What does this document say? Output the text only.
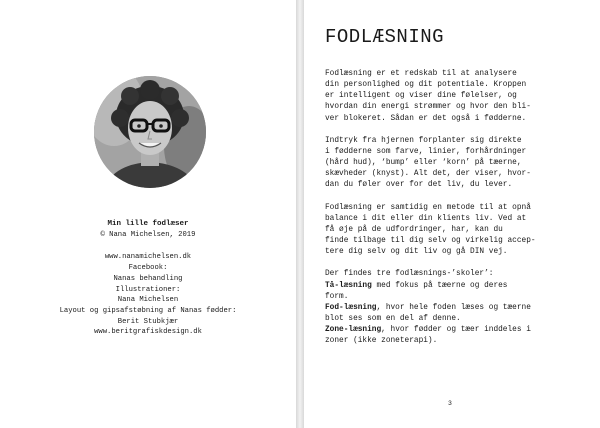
Min lille fodlæser
© Nana Michelsen, 2019
www.nanamichelsen.dk
Facebook:
Nanas behandling
Illustrationer:
Nana Michelsen
Layout og gipsafstøbning af Nanas fødder:
Berit Stubkjær
www.beritgrafiskdesign.dk
FODLÆSNING

Fodlæsning er et redskab til at analysere
din personlighed og dit potentiale. Kroppen
er intelligent og viser dine følelser, og
hvordan din energi strømmer og hvor den bli-
ver blokeret. Sådan er det også i fødderne.

Indtryk fra hjernen forplanter sig direkte
i fødderne som farve, linier, forhårdninger
(hård hud), ‘bump’ eller ‘korn’ på tæerne,
skævheder (knyst). Alt det, der viser, hvor-
dan du føler over for det liv, du lever.

Fodlæsning er samtidig en metode til at opnå
balance i dit eller din klients liv. Ved at
få øje på de udfordringer, har, kan du
finde tilbage til dig selv og virkelig accep-
tere dig selv og dit liv og gå DIN vej.

Der findes tre fodlæsnings-’skoler’:
Tå-læsning med fokus på tæerne og deres
form.
Fod-læsning, hvor hele foden læses og tæerne
blot ses som en del af denne.
Zone-læsning, hvor fødder og tæer inddeles i
zoner (ikke zoneterapi).
3
